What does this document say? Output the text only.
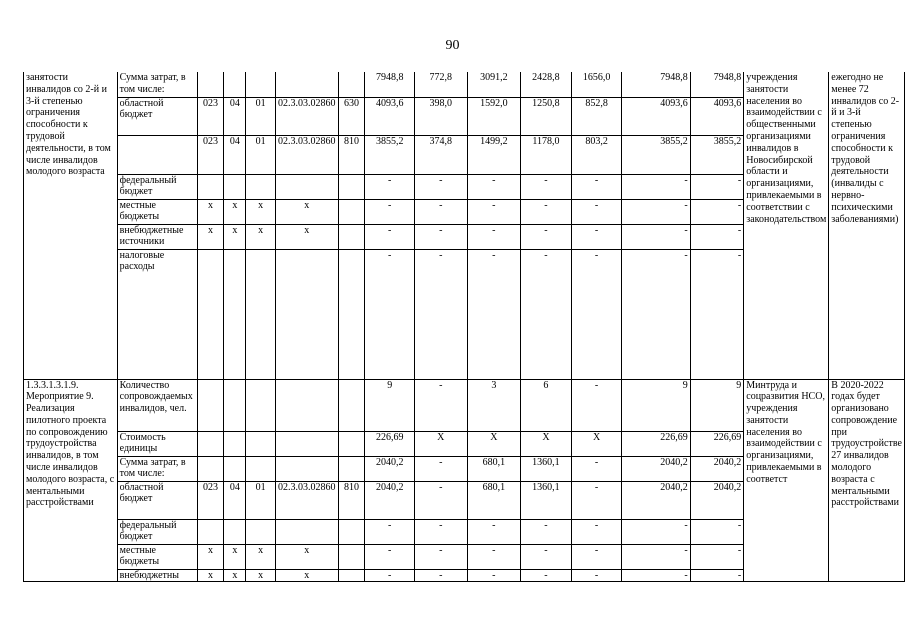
90
занятости инвалидов со 2-й и 3-й степенью ограничения способности к трудовой деятельности, в том числе инвалидов молодого возраста	Сумма затрат, в том числе:						7948,8	772,8	3091,2	2428,8	1656,0	7948,8	7948,8	учреждения занятости населения во взаимодействии с общественными организациями инвалидов в Новосибирской области и организациями, привлекаемыми в соответствии с законодательством	ежегодно не менее 72 инвалидов со 2-й и 3-й степенью ограничения способности к трудовой деятельности (инвалиды с нервно-психическими заболеваниями)
	областной бюджет	023	04	01	02.3.03.02860	630	4093,6	398,0	1592,0	1250,8	852,8	4093,6	4093,6		
		023	04	01	02.3.03.02860	810	3855,2	374,8	1499,2	1178,0	803,2	3855,2	3855,2		
	федеральный бюджет						-	-	-	-	-	-	-		
	местные бюджеты	x	x	x	x		-	-	-	-	-	-	-		
	внебюджетные источники	x	x	x	x		-	-	-	-	-	-	-		
	налоговые расходы						-	-	-	-	-	-	-		
1.3.3.1.3.1.9. Мероприятие 9. Реализация пилотного проекта по сопровождению трудоустройства инвалидов, в том числе инвалидов молодого возраста, с ментальными расстройствами	Количество сопровождаемых инвалидов, чел.						9	-	3	6	-	9	9	Минтруда и соцразвития НСО, учреждения занятости населения во взаимодействии с организациями, привлекаемыми в соответст	В 2020-2022 годах будет организовано сопровождение при трудоустройстве 27 инвалидов молодого возраста с ментальными расстройствами
	Стоимость единицы						226,69	X	X	X	X	226,69	226,69		
	Сумма затрат, в том числе:						2040,2	-	680,1	1360,1	-	2040,2	2040,2		
	областной бюджет	023	04	01	02.3.03.02860	810	2040,2	-	680,1	1360,1	-	2040,2	2040,2		
	федеральный бюджет						-	-	-	-	-	-	-		
	местные бюджеты	x	x	x	x		-	-	-	-	-	-	-		
	внебюджетны	x	x	x	x		-	-	-	-	-	-	-		
